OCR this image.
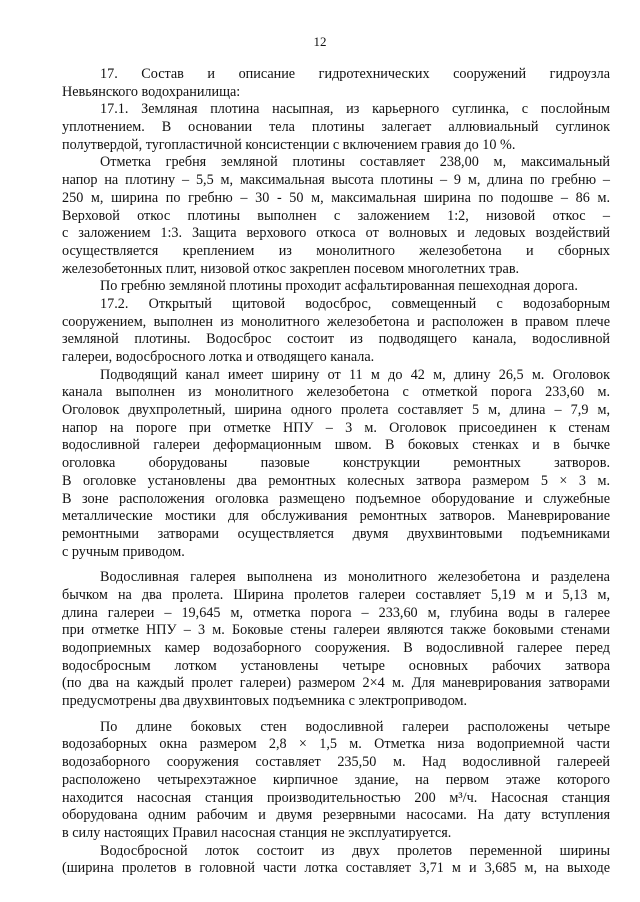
12
17. Состав и описание гидротехнических сооружений гидроузла
Невьянского водохранилища:
17.1. Земляная плотина насыпная, из карьерного суглинка, с послойным
уплотнением. В основании тела плотины залегает аллювиальный суглинок
полутвердой, тугопластичной консистенции с включением гравия до 10 %.
Отметка гребня земляной плотины составляет 238,00 м, максимальный
напор на плотину – 5,5 м, максимальная высота плотины – 9 м, длина по гребню –
250 м, ширина по гребню – 30 - 50 м, максимальная ширина по подошве – 86 м.
Верховой откос плотины выполнен с заложением 1:2, низовой откос –
с заложением 1:3. Защита верхового откоса от волновых и ледовых воздействий
осуществляется креплением из монолитного железобетона и сборных
железобетонных плит, низовой откос закреплен посевом многолетних трав.
По гребню земляной плотины проходит асфальтированная пешеходная дорога.
17.2. Открытый щитовой водосброс, совмещенный с водозаборным
сооружением, выполнен из монолитного железобетона и расположен в правом плече
земляной плотины. Водосброс состоит из подводящего канала, водосливной
галереи, водосбросного лотка и отводящего канала.
Подводящий канал имеет ширину от 11 м до 42 м, длину 26,5 м. Оголовок
канала выполнен из монолитного железобетона с отметкой порога 233,60 м.
Оголовок двухпролетный, ширина одного пролета составляет 5 м, длина – 7,9 м,
напор на пороге при отметке НПУ – 3 м. Оголовок присоединен к стенам
водосливной галереи деформационным швом. В боковых стенках и в бычке
оголовка оборудованы пазовые конструкции ремонтных затворов.
В оголовке установлены два ремонтных колесных затвора размером 5 × 3 м.
В зоне расположения оголовка размещено подъемное оборудование и служебные
металлические мостики для обслуживания ремонтных затворов. Маневрирование
ремонтными затворами осуществляется двумя двухвинтовыми подъемниками
с ручным приводом.
Водосливная галерея выполнена из монолитного железобетона и разделена
бычком на два пролета. Ширина пролетов галереи составляет 5,19 м и 5,13 м,
длина галереи – 19,645 м, отметка порога – 233,60 м, глубина воды в галерее
при отметке НПУ – 3 м. Боковые стены галереи являются также боковыми стенами
водоприемных камер водозаборного сооружения. В водосливной галерее перед
водосбросным лотком установлены четыре основных рабочих затвора
(по два на каждый пролет галереи) размером 2×4 м. Для маневрирования затворами
предусмотрены два двухвинтовых подъемника с электроприводом.
По длине боковых стен водосливной галереи расположены четыре
водозаборных окна размером 2,8 × 1,5 м. Отметка низа водоприемной части
водозаборного сооружения составляет 235,50 м. Над водосливной галереей
расположено четырехэтажное кирпичное здание, на первом этаже которого
находится насосная станция производительностью 200 м³/ч. Насосная станция
оборудована одним рабочим и двумя резервными насосами. На дату вступления
в силу настоящих Правил насосная станция не эксплуатируется.
Водосбросной лоток состоит из двух пролетов переменной ширины
(ширина пролетов в головной части лотка составляет 3,71 м и 3,685 м, на выходе
